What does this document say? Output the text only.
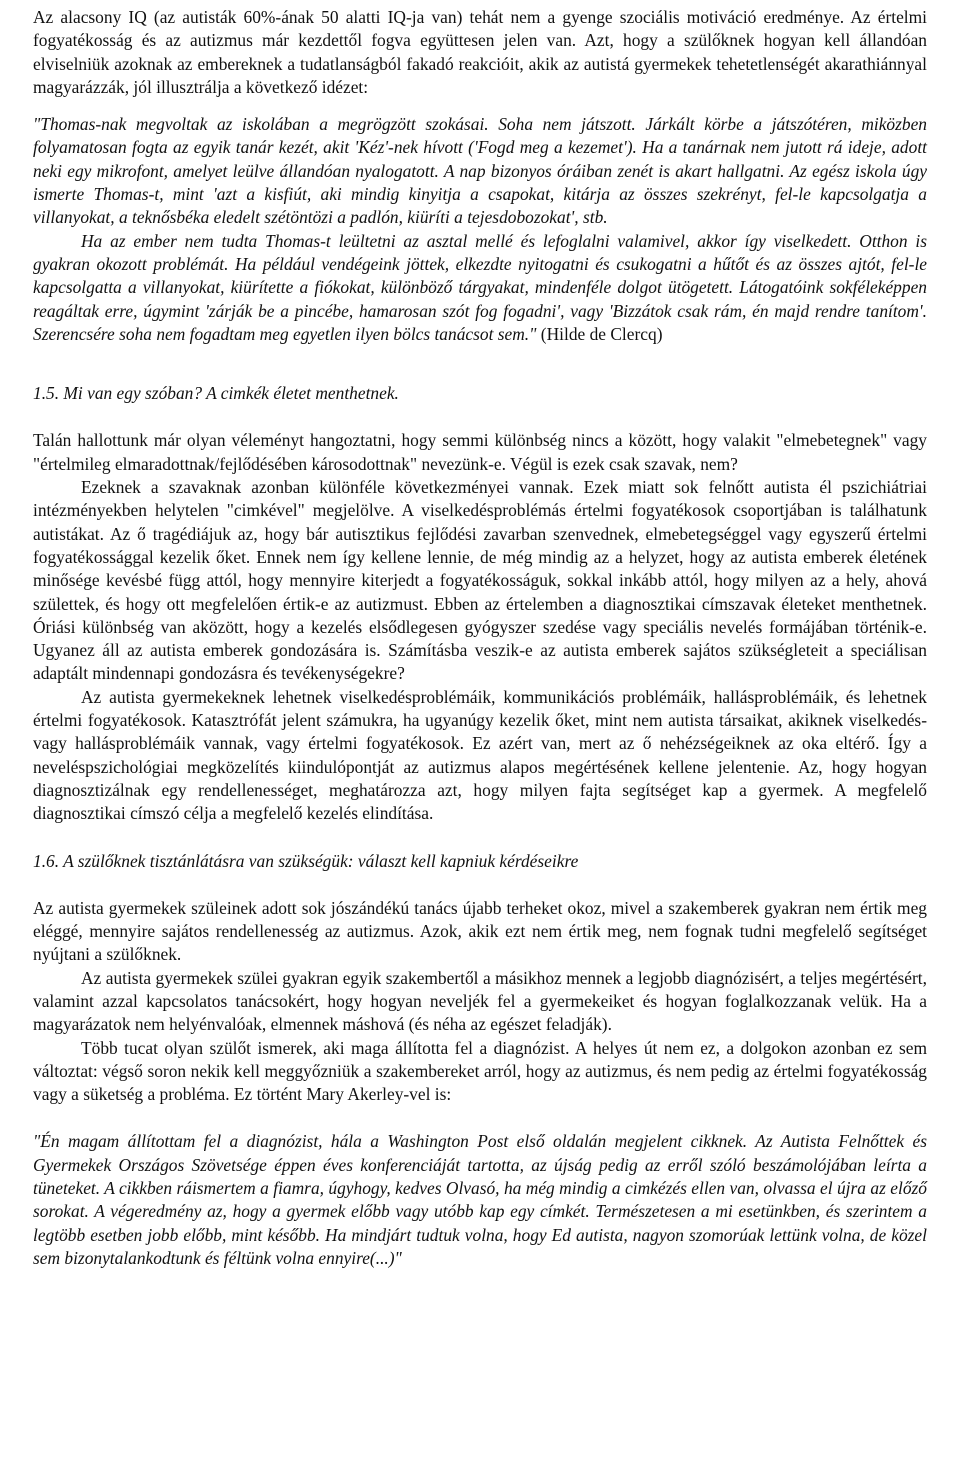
Az alacsony IQ (az autisták 60%-ának 50 alatti IQ-ja van) tehát nem a gyenge szociális motiváció eredménye. Az értelmi fogyatékosság és az autizmus már kezdettől fogva együttesen jelen van. Azt, hogy a szülőknek hogyan kell állandóan elviselniük azoknak az embereknek a tudatlanságból fakadó reakcióit, akik az autistá gyermekek tehetetlenségét akarathiánnyal magyarázzák, jól illusztrálja a következő idézet:

"Thomas-nak megvoltak az iskolában a megrögzött szokásai. Soha nem játszott. Járkált körbe a játszótéren, miközben folyamatosan fogta az egyik tanár kezét, akit 'Kéz'-nek hívott ('Fogd meg a kezemet'). Ha a tanárnak nem jutott rá ideje, adott neki egy mikrofont, amelyet leülve állandóan nyalogatott. A nap bizonyos óráiban zenét is akart hallgatni. Az egész iskola úgy ismerte Thomas-t, mint 'azt a kisfiút, aki mindig kinyitja a csapokat, kitárja az összes szekrényt, fel-le kapcsolgatja a villanyokat, a teknősbéka eledelt szétöntözi a padlón, kiüríti a tejesdobozokat', stb.

Ha az ember nem tudta Thomas-t leültetni az asztal mellé és lefoglalni valamivel, akkor így viselkedett. Otthon is gyakran okozott problémát. Ha például vendégeink jöttek, elkezdte nyitogatni és csukogatni a hűtőt és az összes ajtót, fel-le kapcsolgatta a villanyokat, kiürítette a fiókokat, különböző tárgyakat, mindenféle dolgot ütögetett. Látogatóink sokféleképpen reagáltak erre, úgymint 'zárják be a pincébe, hamarosan szót fog fogadni', vagy 'Bizzátok csak rám, én majd rendre tanítom'. Szerencsére soha nem fogadtam meg egyetlen ilyen bölcs tanácsot sem." (Hilde de Clercq)

1.5. Mi van egy szóban? A cimkék életet menthetnek.

Talán hallottunk már olyan véleményt hangoztatni, hogy semmi különbség nincs a között, hogy valakit "elmebetegnek" vagy "értelmileg elmaradottnak/fejlődésében károsodottnak" nevezünk-e. Végül is ezek csak szavak, nem?

Ezeknek a szavaknak azonban különféle következményei vannak. Ezek miatt sok felnőtt autista él pszichiátriai intézményekben helytelen "cimkével" megjelölve. A viselkedésproblémás értelmi fogyatékosok csoportjában is találhatunk autistákat. Az ő tragédiájuk az, hogy bár autisztikus fejlődési zavarban szenvednek, elmebetegséggel vagy egyszerű értelmi fogyatékossággal kezelik őket. Ennek nem így kellene lennie, de még mindig az a helyzet, hogy az autista emberek életének minősége kevésbé függ attól, hogy mennyire kiterjedt a fogyatékosságuk, sokkal inkább attól, hogy milyen az a hely, ahová születtek, és hogy ott megfelelően értik-e az autizmust. Ebben az értelemben a diagnosztikai címszavak életeket menthetnek. Óriási különbség van aközött, hogy a kezelés elsődlegesen gyógyszer szedése vagy speciális nevelés formájában történik-e. Ugyanez áll az autista emberek gondozására is. Számításba veszik-e az autista emberek sajátos szükségleteit a speciálisan adaptált mindennapi gondozásra és tevékenységekre?

Az autista gyermekeknek lehetnek viselkedésproblémáik, kommunikációs problémáik, hallásproblémáik, és lehetnek értelmi fogyatékosok. Katasztrófát jelent számukra, ha ugyanúgy kezelik őket, mint nem autista társaikat, akiknek viselkedés- vagy hallásproblémáik vannak, vagy értelmi fogyatékosok. Ez azért van, mert az ő nehézségeiknek az oka eltérő. Így a neveléspszichológiai megközelítés kiindulópontját az autizmus alapos megértésének kellene jelentenie. Az, hogy hogyan diagnosztizálnak egy rendellenességet, meghatározza azt, hogy milyen fajta segítséget kap a gyermek. A megfelelő diagnosztikai címszó célja a megfelelő kezelés elindítása.

1.6. A szülőknek tisztánlátásra van szükségük: választ kell kapniuk kérdéseikre

Az autista gyermekek szüleinek adott sok jószándékú tanács újabb terheket okoz, mivel a szakemberek gyakran nem értik meg eléggé, mennyire sajátos rendellenesség az autizmus. Azok, akik ezt nem értik meg, nem fognak tudni megfelelő segítséget nyújtani a szülőknek.

Az autista gyermekek szülei gyakran egyik szakembertől a másikhoz mennek a legjobb diagnózisért, a teljes megértésért, valamint azzal kapcsolatos tanácsokért, hogy hogyan neveljék fel a gyermekeiket és hogyan foglalkozzanak velük. Ha a magyarázatok nem helyénvalóak, elmennek máshová (és néha az egészet feladják).

Több tucat olyan szülőt ismerek, aki maga állította fel a diagnózist. A helyes út nem ez, a dolgokon azonban ez sem változtat: végső soron nekik kell meggyőzniük a szakembereket arról, hogy az autizmus, és nem pedig az értelmi fogyatékosság vagy a süketség a probléma. Ez történt Mary Akerley-vel is:

"Én magam állítottam fel a diagnózist, hála a Washington Post első oldalán megjelent cikknek. Az Autista Felnőttek és Gyermekek Országos Szövetsége éppen éves konferenciáját tartotta, az újság pedig az erről szóló beszámolójában leírta a tüneteket. A cikkben ráismertem a fiamra, úgyhogy, kedves Olvasó, ha még mindig a cimkézés ellen van, olvassa el újra az előző sorokat. A végeredmény az, hogy a gyermek előbb vagy utóbb kap egy címkét. Természetesen a mi esetünkben, és szerintem a legtöbb esetben jobb előbb, mint később. Ha mindjárt tudtuk volna, hogy Ed autista, nagyon szomorúak lettünk volna, de közel sem bizonytalankodtunk és féltünk volna ennyire(...)"
